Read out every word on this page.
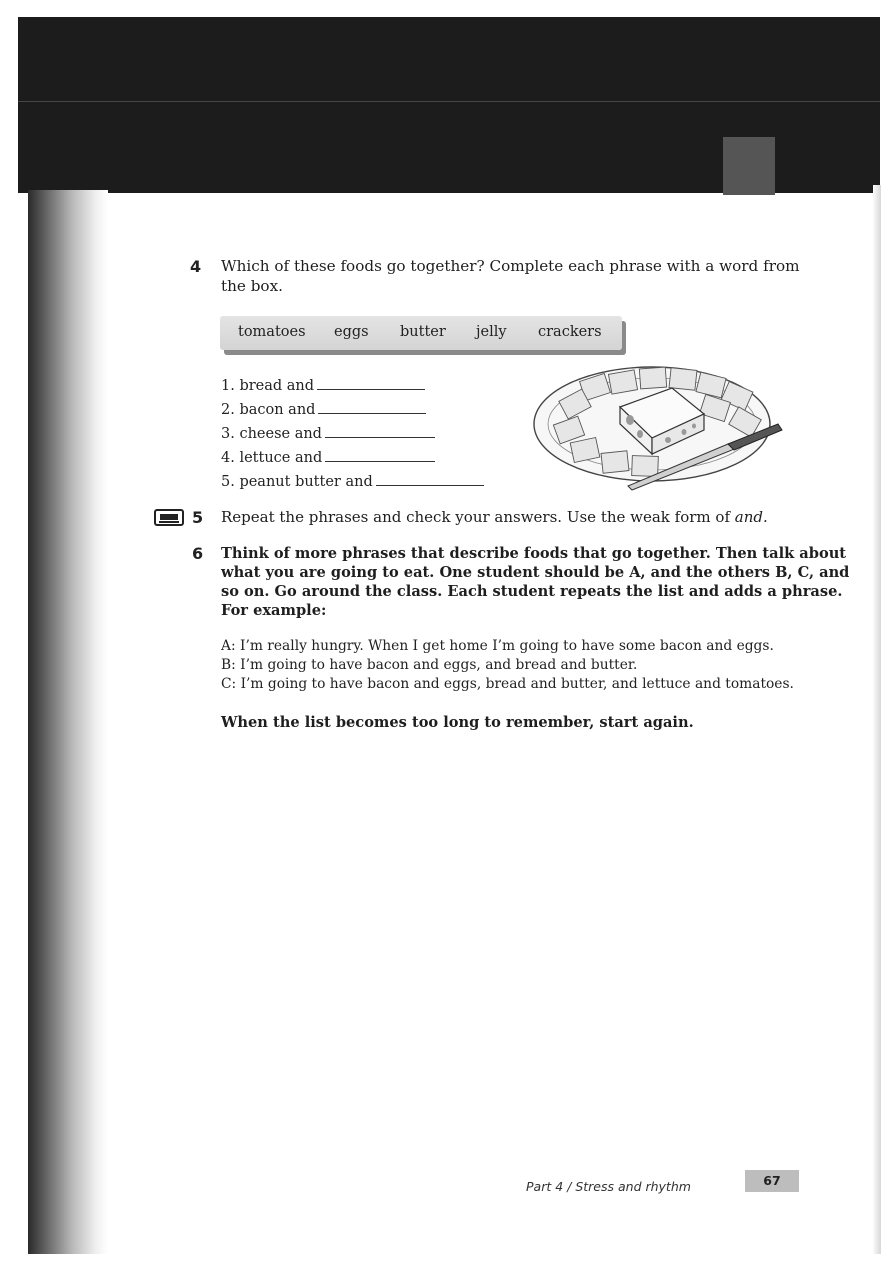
4 Which of these foods go together? Complete each phrase with a word from
the box.
tomatoes eggs butter jelly crackers
1. bread and
2. bacon and
3. cheese and
4. lettuce and
5. peanut butter and
5 Repeat the phrases and check your answers. Use the weak form of and.
6 Think of more phrases that describe foods that go together. Then talk about
what you are going to eat. One student should be A, and the others B, C, and
so on. Go around the class. Each student repeats the list and adds a phrase.
For example:
A: I’m really hungry. When I get home I’m going to have some bacon and eggs.
B: I’m going to have bacon and eggs, and bread and butter.
C: I’m going to have bacon and eggs, bread and butter, and lettuce and tomatoes.
When the list becomes too long to remember, start again.
Part 4 / Stress and rhythm	67
